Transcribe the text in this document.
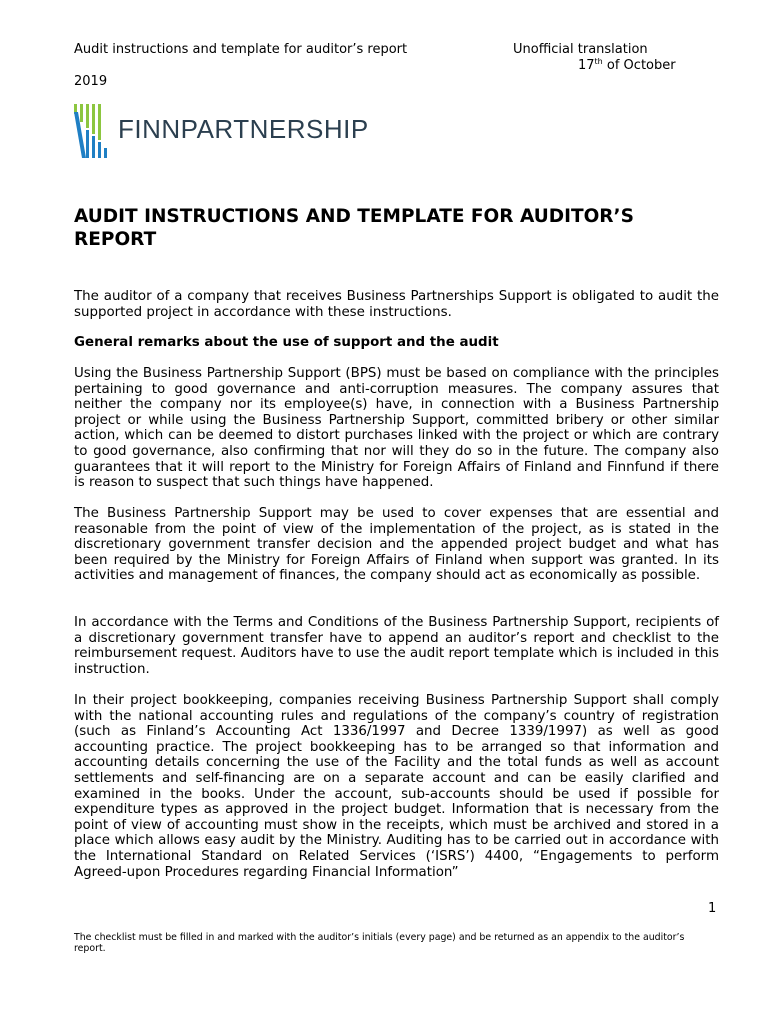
Audit instructions and template for auditor’s report	Unofficial translation
17th of October
2019
FINNPARTNERSHIP
AUDIT INSTRUCTIONS AND TEMPLATE FOR AUDITOR’S REPORT

The auditor of a company that receives Business Partnerships Support is obligated to audit the supported project in accordance with these instructions.

General remarks about the use of support and the audit

Using the Business Partnership Support (BPS) must be based on compliance with the principles pertaining to good governance and anti-corruption measures. The company assures that neither the company nor its employee(s) have, in connection with a Business Partnership project or while using the Business Partnership Support, committed bribery or other similar action, which can be deemed to distort purchases linked with the project or which are contrary to good governance, also confirming that nor will they do so in the future. The company also guarantees that it will report to the Ministry for Foreign Affairs of Finland and Finnfund if there is reason to suspect that such things have happened.

The Business Partnership Support may be used to cover expenses that are essential and reasonable from the point of view of the implementation of the project, as is stated in the discretionary government transfer decision and the appended project budget and what has been required by the Ministry for Foreign Affairs of Finland when support was granted. In its activities and management of finances, the company should act as economically as possible.

In accordance with the Terms and Conditions of the Business Partnership Support, recipients of a discretionary government transfer have to append an auditor’s report and checklist to the reimbursement request. Auditors have to use the audit report template which is included in this instruction.

In their project bookkeeping, companies receiving Business Partnership Support shall comply with the national accounting rules and regulations of the company’s country of registration (such as Finland’s Accounting Act 1336/1997 and Decree 1339/1997) as well as good accounting practice. The project bookkeeping has to be arranged so that information and accounting details concerning the use of the Facility and the total funds as well as account settlements and self-financing are on a separate account and can be easily clarified and examined in the books. Under the account, sub-accounts should be used if possible for expenditure types as approved in the project budget. Information that is necessary from the point of view of accounting must show in the receipts, which must be archived and stored in a place which allows easy audit by the Ministry. Auditing has to be carried out in accordance with the International Standard on Related Services (‘ISRS’) 4400, “Engagements to perform Agreed-upon Procedures regarding Financial Information”

1
The checklist must be filled in and marked with the auditor’s initials (every page) and be returned as an appendix to the auditor’s report.
